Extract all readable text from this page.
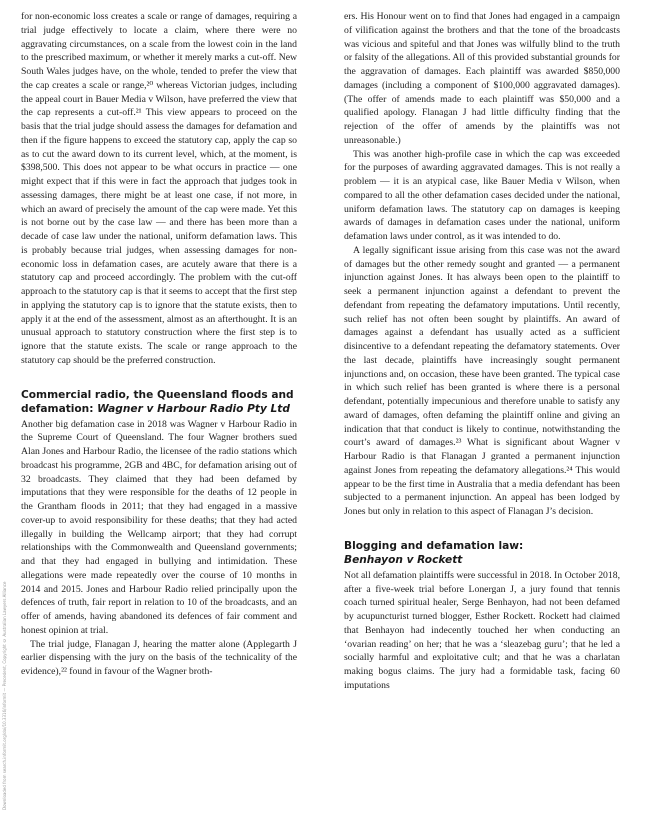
Downloaded from search.informit.org/doi/10.3316/informit — Precedent, Copyright © Australian Lawyers Alliance

for non-economic loss creates a scale or range of damages, requiring a trial judge effectively to locate a claim, where there were no aggravating circumstances, on a scale from the lowest coin in the land to the prescribed maximum, or whether it merely marks a cut-off. New South Wales judges have, on the whole, tended to prefer the view that the cap creates a scale or range,²⁰ whereas Victorian judges, including the appeal court in Bauer Media v Wilson, have preferred the view that the cap represents a cut-off.²¹ This view appears to proceed on the basis that the trial judge should assess the damages for defamation and then if the figure happens to exceed the statutory cap, apply the cap so as to cut the award down to its current level, which, at the moment, is $398,500. This does not appear to be what occurs in practice — one might expect that if this were in fact the approach that judges took in assessing damages, there might be at least one case, if not more, in which an award of precisely the amount of the cap were made. Yet this is not borne out by the case law — and there has been more than a decade of case law under the national, uniform defamation laws. This is probably because trial judges, when assessing damages for non-economic loss in defamation cases, are acutely aware that there is a statutory cap and proceed accordingly. The problem with the cut-off approach to the statutory cap is that it seems to accept that the first step in applying the statutory cap is to ignore that the statute exists, then to apply it at the end of the assessment, almost as an afterthought. It is an unusual approach to statutory construction where the first step is to ignore that the statute exists. The scale or range approach to the statutory cap should be the preferred construction.

Commercial radio, the Queensland floods and defamation: Wagner v Harbour Radio Pty Ltd

Another big defamation case in 2018 was Wagner v Harbour Radio in the Supreme Court of Queensland. The four Wagner brothers sued Alan Jones and Harbour Radio, the licensee of the radio stations which broadcast his programme, 2GB and 4BC, for defamation arising out of 32 broadcasts. They claimed that they had been defamed by imputations that they were responsible for the deaths of 12 people in the Grantham floods in 2011; that they had engaged in a massive cover-up to avoid responsibility for these deaths; that they had acted illegally in building the Wellcamp airport; that they had corrupt relationships with the Commonwealth and Queensland governments; and that they had engaged in bullying and intimidation. These allegations were made repeatedly over the course of 10 months in 2014 and 2015. Jones and Harbour Radio relied principally upon the defences of truth, fair report in relation to 10 of the broadcasts, and an offer of amends, having abandoned its defences of fair comment and honest opinion at trial.

The trial judge, Flanagan J, hearing the matter alone (Applegarth J earlier dispensing with the jury on the basis of the technicality of the evidence),²² found in favour of the Wagner broth-

ers. His Honour went on to find that Jones had engaged in a campaign of vilification against the brothers and that the tone of the broadcasts was vicious and spiteful and that Jones was wilfully blind to the truth or falsity of the allegations. All of this provided substantial grounds for the aggravation of damages. Each plaintiff was awarded $850,000 damages (including a component of $100,000 aggravated damages). (The offer of amends made to each plaintiff was $50,000 and a qualified apology. Flanagan J had little difficulty finding that the rejection of the offer of amends by the plaintiffs was not unreasonable.)

This was another high-profile case in which the cap was exceeded for the purposes of awarding aggravated damages. This is not really a problem — it is an atypical case, like Bauer Media v Wilson, when compared to all the other defamation cases decided under the national, uniform defamation laws. The statutory cap on damages is keeping awards of damages in defamation cases under the national, uniform defamation laws under control, as it was intended to do.

A legally significant issue arising from this case was not the award of damages but the other remedy sought and granted — a permanent injunction against Jones. It has always been open to the plaintiff to seek a permanent injunction against a defendant to prevent the defendant from repeating the defamatory imputations. Until recently, such relief has not often been sought by plaintiffs. An award of damages against a defendant has usually acted as a sufficient disincentive to a defendant repeating the defamatory statements. Over the last decade, plaintiffs have increasingly sought permanent injunctions and, on occasion, these have been granted. The typical case in which such relief has been granted is where there is a personal defendant, potentially impecunious and therefore unable to satisfy any award of damages, often defaming the plaintiff online and giving an indication that that conduct is likely to continue, notwithstanding the court’s award of damages.²³ What is significant about Wagner v Harbour Radio is that Flanagan J granted a permanent injunction against Jones from repeating the defamatory allegations.²⁴ This would appear to be the first time in Australia that a media defendant has been subjected to a permanent injunction. An appeal has been lodged by Jones but only in relation to this aspect of Flanagan J’s decision.

Blogging and defamation law:
Benhayon v Rockett

Not all defamation plaintiffs were successful in 2018. In October 2018, after a five-week trial before Lonergan J, a jury found that tennis coach turned spiritual healer, Serge Benhayon, had not been defamed by acupuncturist turned blogger, Esther Rockett. Rockett had claimed that Benhayon had indecently touched her when conducting an ‘ovarian reading’ on her; that he was a ‘sleazebag guru’; that he led a socially harmful and exploitative cult; and that he was a charlatan making bogus claims. The jury had a formidable task, facing 60 imputations
